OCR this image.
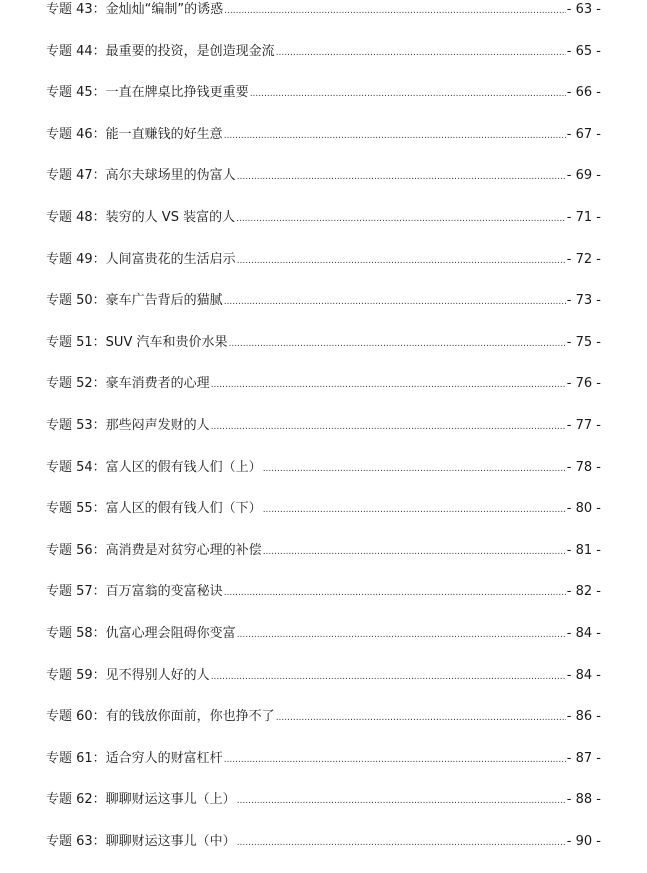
专题 43：金灿灿“编制”的诱惑 .....	- 63 -
专题 44：最重要的投资，是创造现金流 .....	- 65 -
专题 45：一直在牌桌比挣钱更重要 .....	- 66 -
专题 46：能一直赚钱的好生意 .....	- 67 -
专题 47：高尔夫球场里的伪富人 .....	- 69 -
专题 48：装穷的人 VS 装富的人 .....	- 71 -
专题 49：人间富贵花的生活启示 .....	- 72 -
专题 50：豪车广告背后的猫腻 .....	- 73 -
专题 51：SUV 汽车和贵价水果 .....	- 75 -
专题 52：豪车消费者的心理 .....	- 76 -
专题 53：那些闷声发财的人 .....	- 77 -
专题 54：富人区的假有钱人们（上） .....	- 78 -
专题 55：富人区的假有钱人们（下） .....	- 80 -
专题 56：高消费是对贫穷心理的补偿 .....	- 81 -
专题 57：百万富翁的变富秘诀 .....	- 82 -
专题 58：仇富心理会阻碍你变富 .....	- 84 -
专题 59：见不得别人好的人 .....	- 84 -
专题 60：有的钱放你面前，你也挣不了 .....	- 86 -
专题 61：适合穷人的财富杠杆 .....	- 87 -
专题 62：聊聊财运这事儿（上） .....	- 88 -
专题 63：聊聊财运这事儿（中） .....	- 90 -
